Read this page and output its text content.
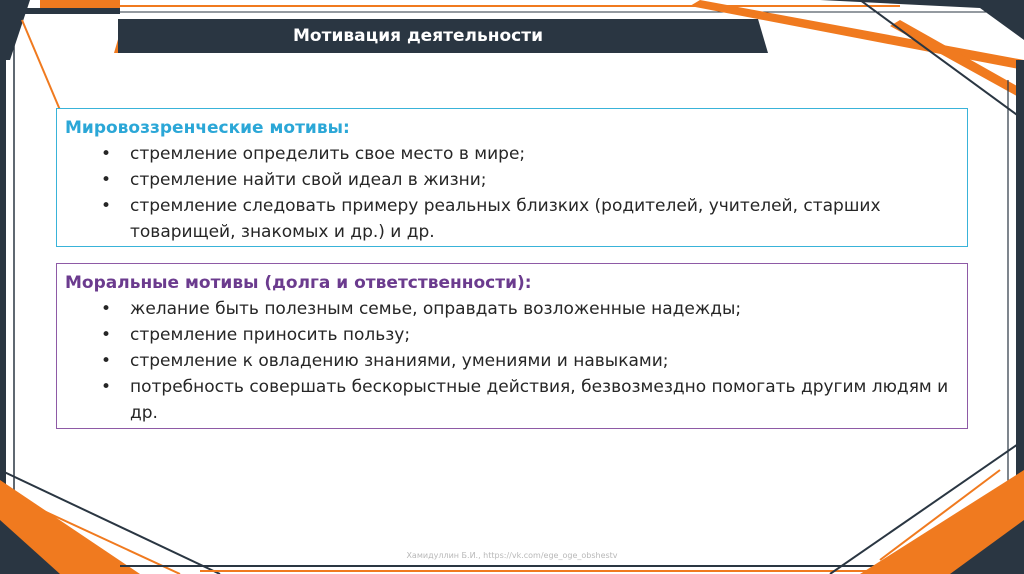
Мотивация деятельности
Мировоззренческие мотивы:
• стремление определить свое место в мире;
• стремление найти свой идеал в жизни;
• стремление следовать примеру реальных близких (родителей, учителей, старших товарищей, знакомых и др.) и др.
Моральные мотивы (долга и ответственности):
• желание быть полезным семье, оправдать возложенные надежды;
• стремление приносить пользу;
• стремление к овладению знаниями, умениями и навыками;
• потребность совершать бескорыстные действия, безвозмездно помогать другим людям и др.
Хамидуллин Б.И., https://vk.com/ege_oge_obshestv
